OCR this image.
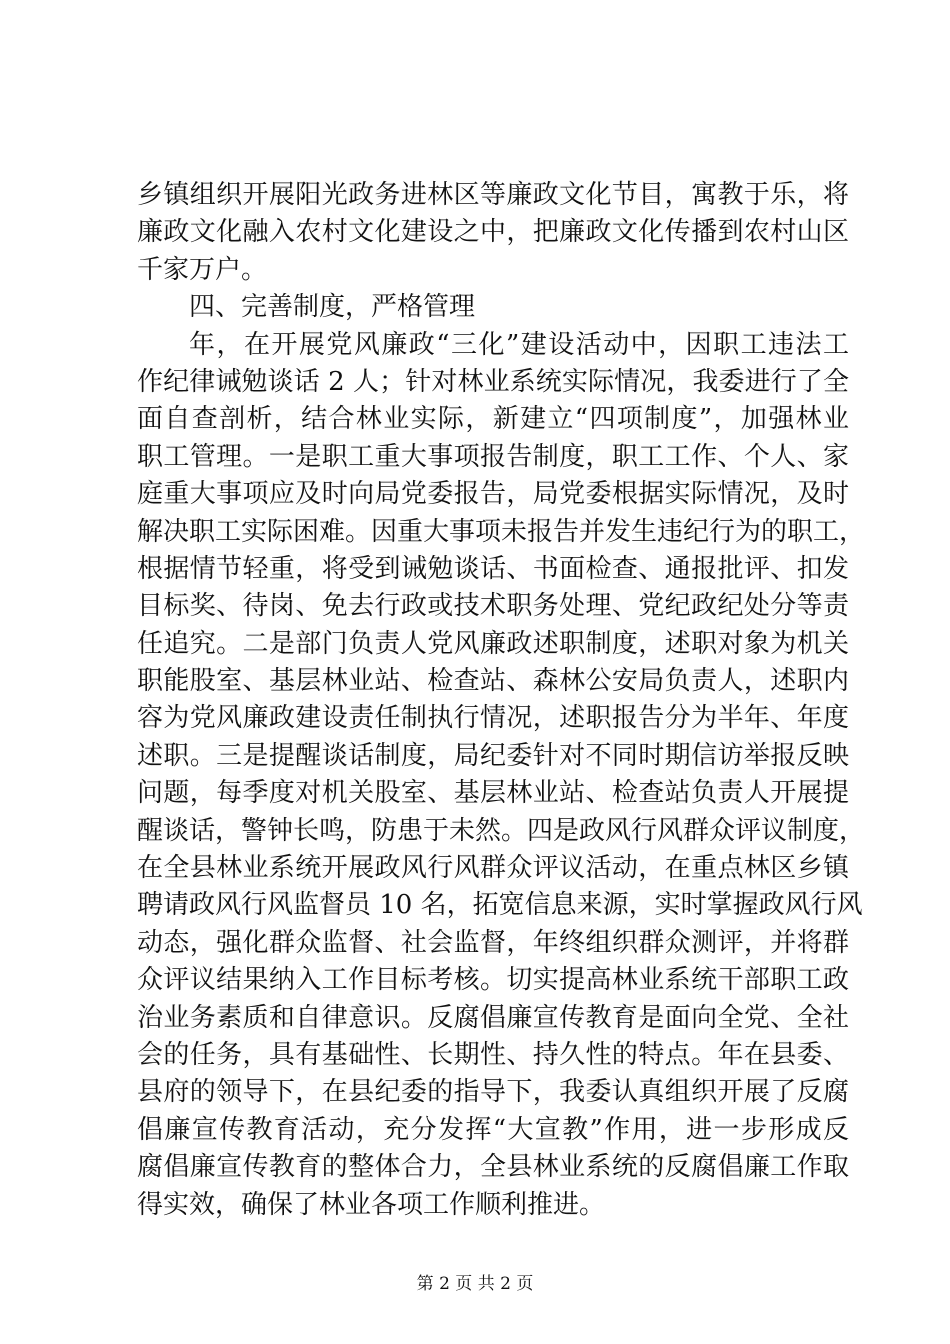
乡镇组织开展阳光政务进林区等廉政文化节目，寓教于乐，将
廉政文化融入农村文化建设之中，把廉政文化传播到农村山区
千家万户。
四、完善制度，严格管理
年，在开展党风廉政“三化”建设活动中，因职工违法工
作纪律诫勉谈话 2 人；针对林业系统实际情况，我委进行了全
面自查剖析，结合林业实际，新建立“四项制度”，加强林业
职工管理。一是职工重大事项报告制度，职工工作、个人、家
庭重大事项应及时向局党委报告，局党委根据实际情况，及时
解决职工实际困难。因重大事项未报告并发生违纪行为的职工，
根据情节轻重，将受到诫勉谈话、书面检查、通报批评、扣发
目标奖、待岗、免去行政或技术职务处理、党纪政纪处分等责
任追究。二是部门负责人党风廉政述职制度，述职对象为机关
职能股室、基层林业站、检查站、森林公安局负责人，述职内
容为党风廉政建设责任制执行情况，述职报告分为半年、年度
述职。三是提醒谈话制度，局纪委针对不同时期信访举报反映
问题，每季度对机关股室、基层林业站、检查站负责人开展提
醒谈话，警钟长鸣，防患于未然。四是政风行风群众评议制度，
在全县林业系统开展政风行风群众评议活动，在重点林区乡镇
聘请政风行风监督员 10 名，拓宽信息来源，实时掌握政风行风
动态，强化群众监督、社会监督，年终组织群众测评，并将群
众评议结果纳入工作目标考核。切实提高林业系统干部职工政
治业务素质和自律意识。反腐倡廉宣传教育是面向全党、全社
会的任务，具有基础性、长期性、持久性的特点。年在县委、
县府的领导下，在县纪委的指导下，我委认真组织开展了反腐
倡廉宣传教育活动，充分发挥“大宣教”作用，进一步形成反
腐倡廉宣传教育的整体合力，全县林业系统的反腐倡廉工作取
得实效，确保了林业各项工作顺利推进。
第 2 页 共 2 页
